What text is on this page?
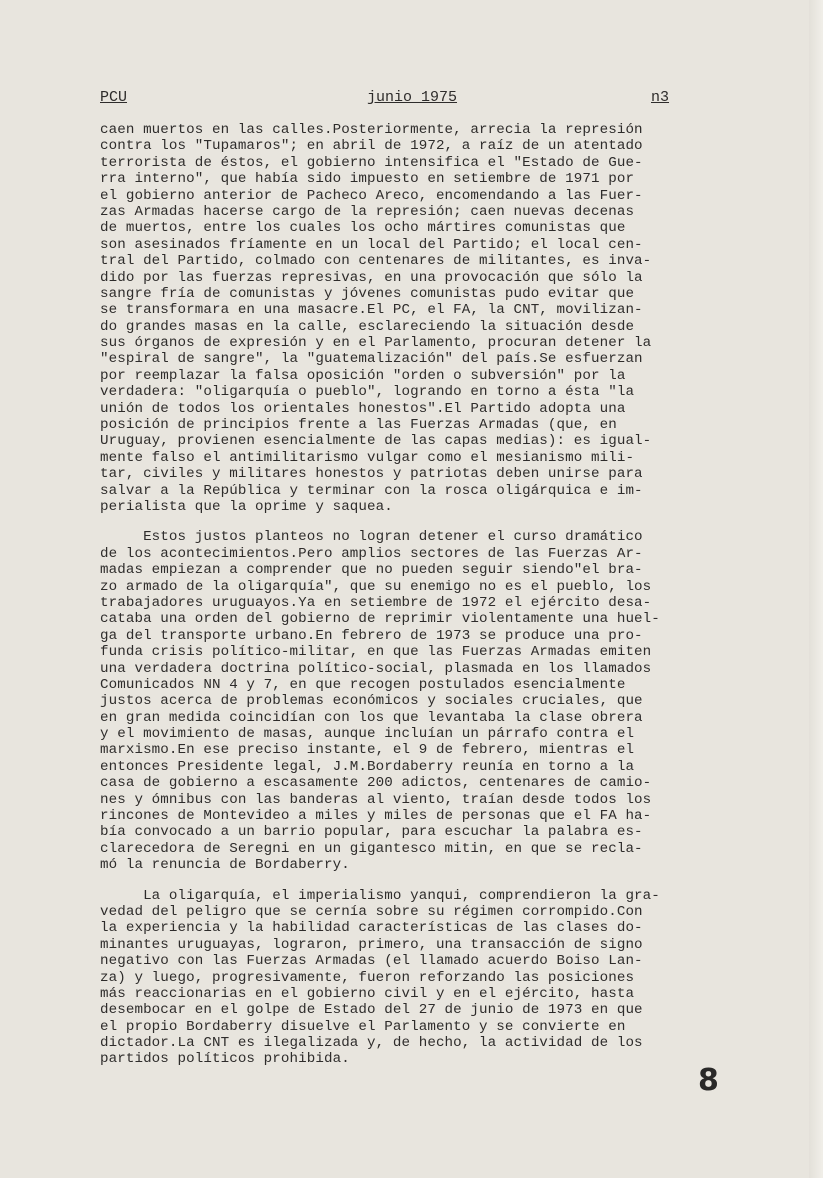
PCU	junio 1975	n3
caen muertos en las calles.Posteriormente, arrecia la represión
contra los "Tupamaros"; en abril de 1972, a raíz de un atentado
terrorista de éstos, el gobierno intensifica el "Estado de Gue-
rra interno", que había sido impuesto en setiembre de 1971 por
el gobierno anterior de Pacheco Areco, encomendando a las Fuer-
zas Armadas hacerse cargo de la represión; caen nuevas decenas
de muertos, entre los cuales los ocho mártires comunistas que
son asesinados fríamente en un local del Partido; el local cen-
tral del Partido, colmado con centenares de militantes, es inva-
dido por las fuerzas represivas, en una provocación que sólo la
sangre fría de comunistas y jóvenes comunistas pudo evitar que
se transformara en una masacre.El PC, el FA, la CNT, movilizan-
do grandes masas en la calle, esclareciendo la situación desde
sus órganos de expresión y en el Parlamento, procuran detener la
"espiral de sangre", la "guatemalización" del país.Se esfuerzan
por reemplazar la falsa oposición "orden o subversión" por la
verdadera: "oligarquía o pueblo", logrando en torno a ésta "la
unión de todos los orientales honestos".El Partido adopta una
posición de principios frente a las Fuerzas Armadas (que, en
Uruguay, provienen esencialmente de las capas medias): es igual-
mente falso el antimilitarismo vulgar como el mesianismo mili-
tar, civiles y militares honestos y patriotas deben unirse para
salvar a la República y terminar con la rosca oligárquica e im-
perialista que la oprime y saquea.
Estos justos planteos no logran detener el curso dramático
de los acontecimientos.Pero amplios sectores de las Fuerzas Ar-
madas empiezan a comprender que no pueden seguir siendo"el bra-
zo armado de la oligarquía", que su enemigo no es el pueblo, los
trabajadores uruguayos.Ya en setiembre de 1972 el ejército desa-
cataba una orden del gobierno de reprimir violentamente una huel-
ga del transporte urbano.En febrero de 1973 se produce una pro-
funda crisis político-militar, en que las Fuerzas Armadas emiten
una verdadera doctrina político-social, plasmada en los llamados
Comunicados NN 4 y 7, en que recogen postulados esencialmente
justos acerca de problemas económicos y sociales cruciales, que
en gran medida coincidían con los que levantaba la clase obrera
y el movimiento de masas, aunque incluían un párrafo contra el
marxismo.En ese preciso instante, el 9 de febrero, mientras el
entonces Presidente legal, J.M.Bordaberry reunía en torno a la
casa de gobierno a escasamente 200 adictos, centenares de camio-
nes y ómnibus con las banderas al viento, traían desde todos los
rincones de Montevideo a miles y miles de personas que el FA ha-
bía convocado a un barrio popular, para escuchar la palabra es-
clarecedora de Seregni en un gigantesco mitin, en que se recla-
mó la renuncia de Bordaberry.
La oligarquía, el imperialismo yanqui, comprendieron la gra-
vedad del peligro que se cernía sobre su régimen corrompido.Con
la experiencia y la habilidad características de las clases do-
minantes uruguayas, lograron, primero, una transacción de signo
negativo con las Fuerzas Armadas (el llamado acuerdo Boiso Lan-
za) y luego, progresivamente, fueron reforzando las posiciones
más reaccionarias en el gobierno civil y en el ejército, hasta
desembocar en el golpe de Estado del 27 de junio de 1973 en que
el propio Bordaberry disuelve el Parlamento y se convierte en
dictador.La CNT es ilegalizada y, de hecho, la actividad de los
partidos políticos prohibida.
8
